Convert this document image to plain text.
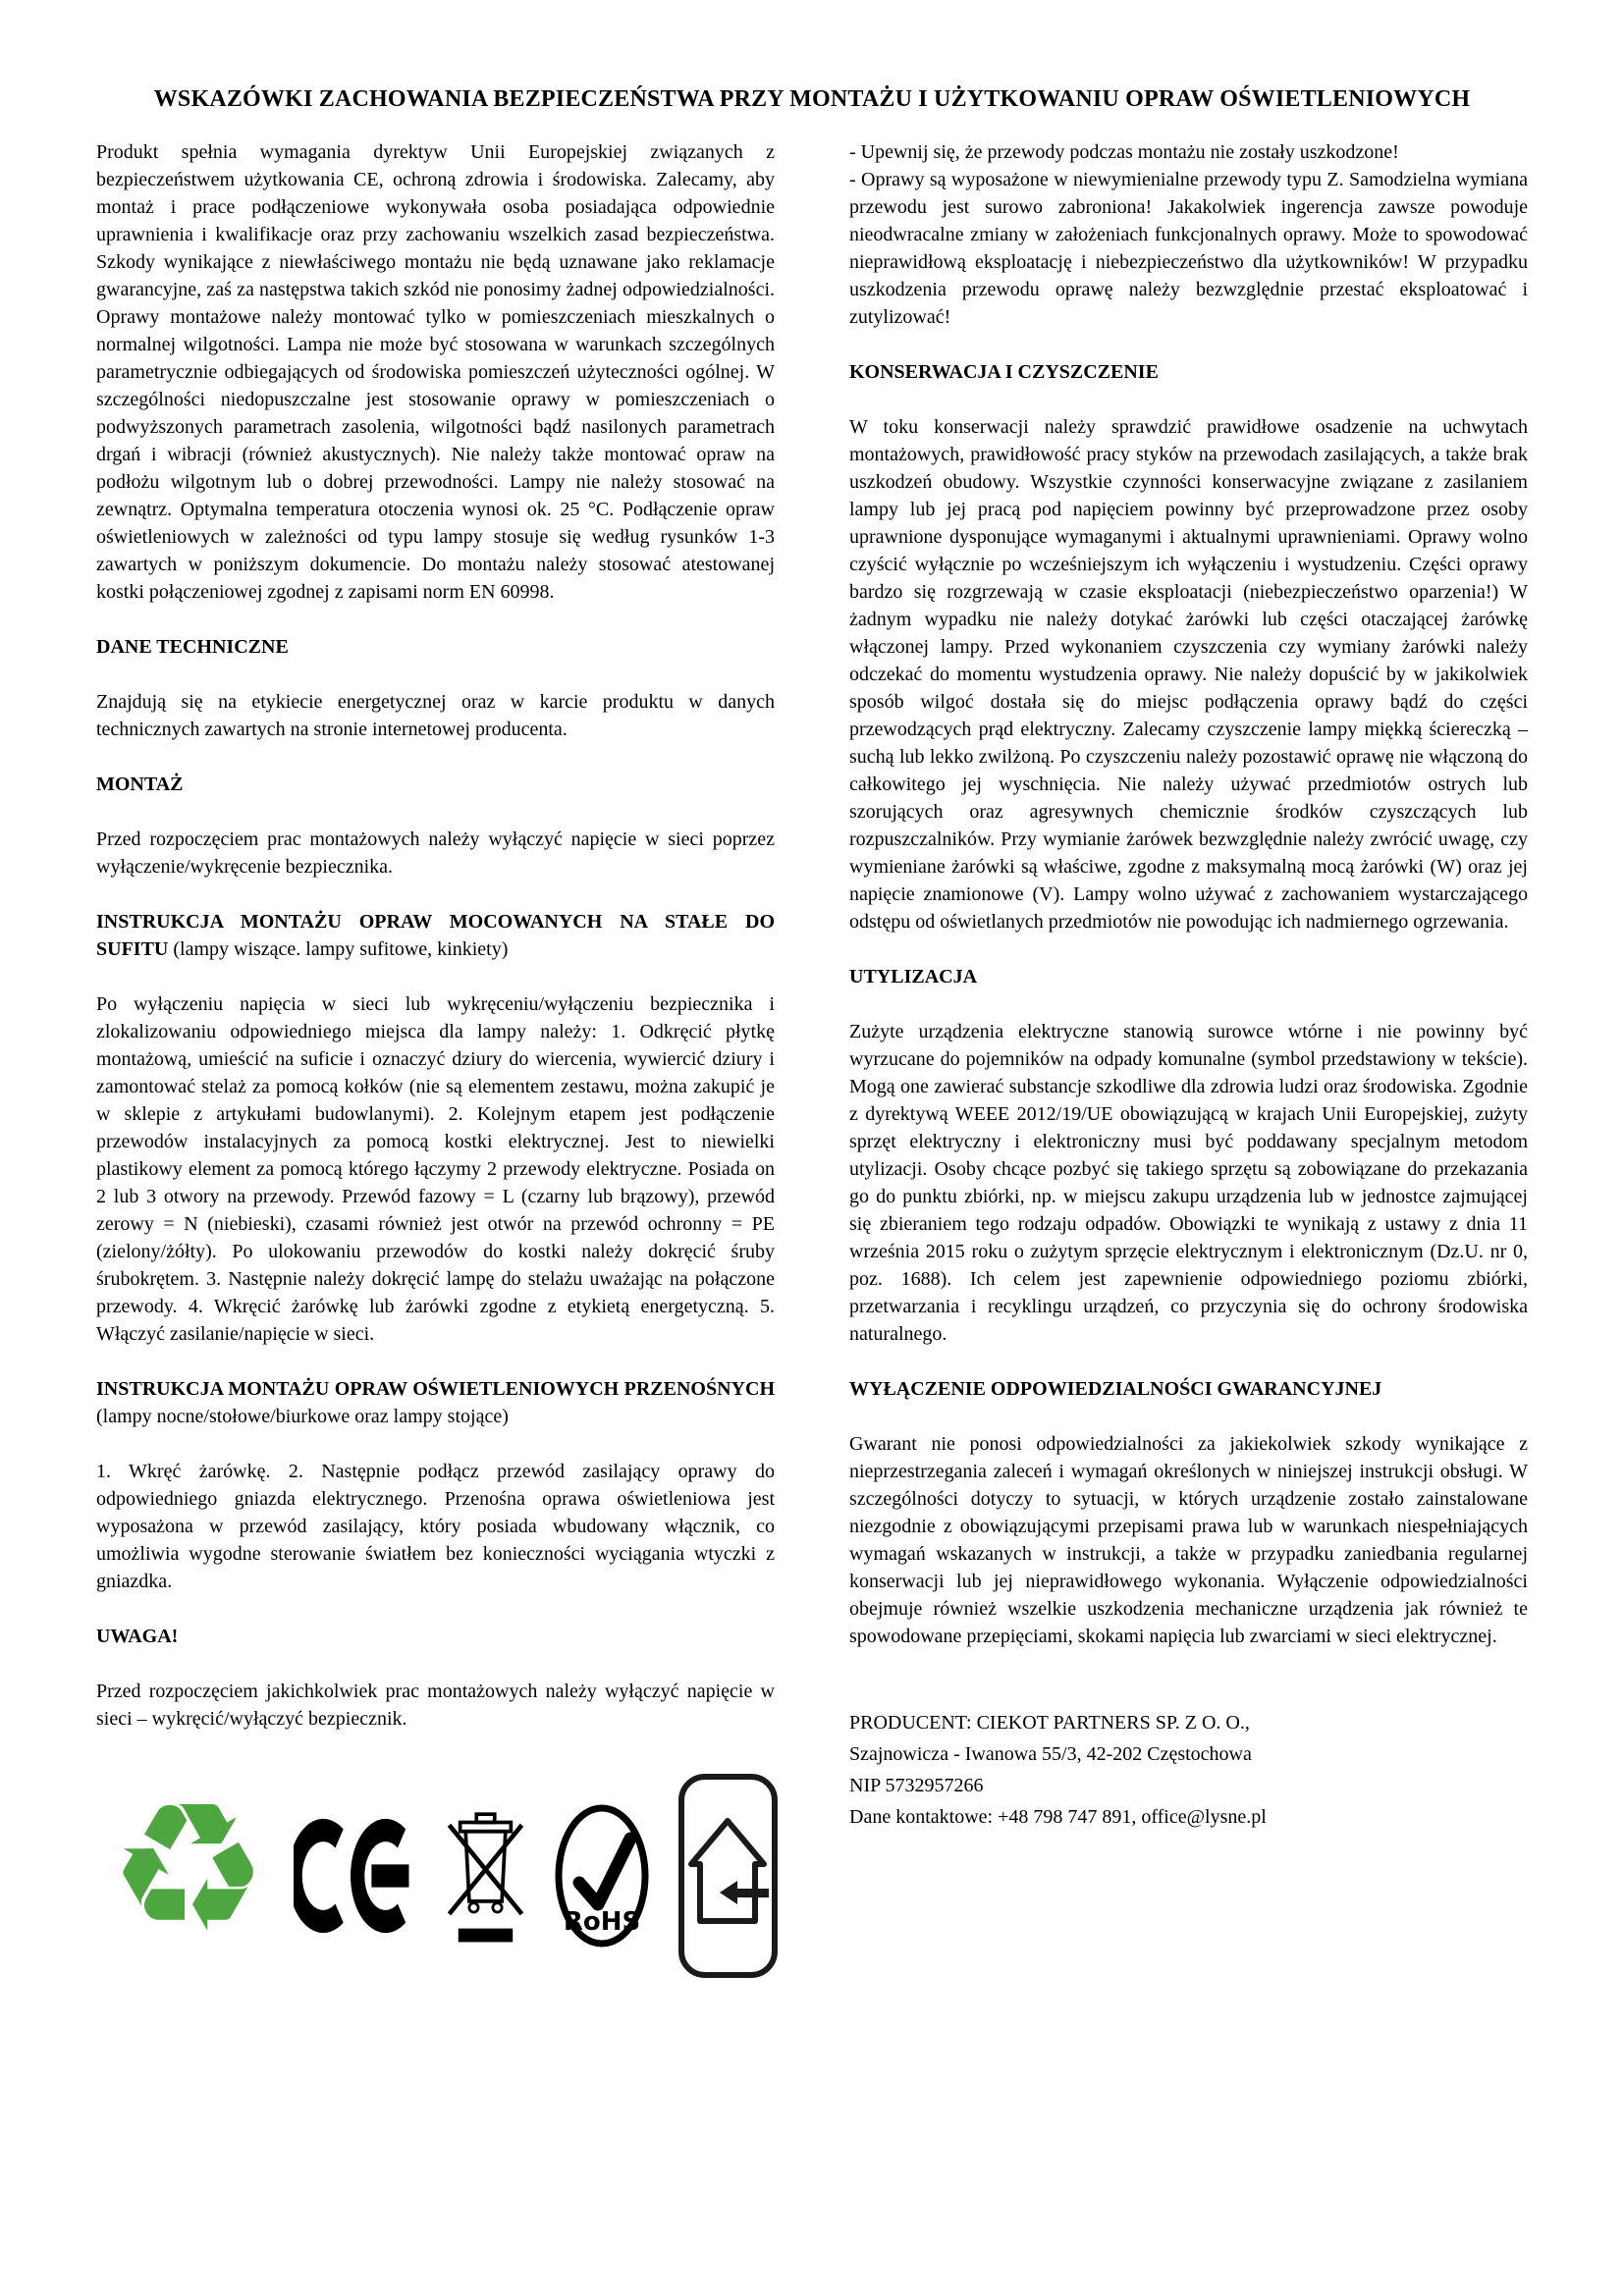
WSKAZÓWKI ZACHOWANIA BEZPIECZEŃSTWA PRZY MONTAŻU I UŻYTKOWANIU OPRAW OŚWIETLENIOWYCH

Produkt spełnia wymagania dyrektyw Unii Europejskiej związanych z bezpieczeństwem użytkowania CE, ochroną zdrowia i środowiska. Zalecamy, aby montaż i prace podłączeniowe wykonywała osoba posiadająca odpowiednie uprawnienia i kwalifikacje oraz przy zachowaniu wszelkich zasad bezpieczeństwa. Szkody wynikające z niewłaściwego montażu nie będą uznawane jako reklamacje gwarancyjne, zaś za następstwa takich szkód nie ponosimy żadnej odpowiedzialności. Oprawy montażowe należy montować tylko w pomieszczeniach mieszkalnych o normalnej wilgotności. Lampa nie może być stosowana w warunkach szczególnych parametrycznie odbiegających od środowiska pomieszczeń użyteczności ogólnej. W szczególności niedopuszczalne jest stosowanie oprawy w pomieszczeniach o podwyższonych parametrach zasolenia, wilgotności bądź nasilonych parametrach drgań i wibracji (również akustycznych). Nie należy także montować opraw na podłożu wilgotnym lub o dobrej przewodności. Lampy nie należy stosować na zewnątrz. Optymalna temperatura otoczenia wynosi ok. 25 °C. Podłączenie opraw oświetleniowych w zależności od typu lampy stosuje się według rysunków 1-3 zawartych w poniższym dokumencie. Do montażu należy stosować atestowanej kostki połączeniowej zgodnej z zapisami norm EN 60998.

DANE TECHNICZNE

Znajdują się na etykiecie energetycznej oraz w karcie produktu w danych technicznych zawartych na stronie internetowej producenta.

MONTAŻ

Przed rozpoczęciem prac montażowych należy wyłączyć napięcie w sieci poprzez wyłączenie/wykręcenie bezpiecznika.

INSTRUKCJA MONTAŻU OPRAW MOCOWANYCH NA STAŁE DO SUFITU (lampy wiszące. lampy sufitowe, kinkiety)

Po wyłączeniu napięcia w sieci lub wykręceniu/wyłączeniu bezpiecznika i zlokalizowaniu odpowiedniego miejsca dla lampy należy: 1. Odkręcić płytkę montażową, umieścić na suficie i oznaczyć dziury do wiercenia, wywiercić dziury i zamontować stelaż za pomocą kołków (nie są elementem zestawu, można zakupić je w sklepie z artykułami budowlanymi). 2. Kolejnym etapem jest podłączenie przewodów instalacyjnych za pomocą kostki elektrycznej. Jest to niewielki plastikowy element za pomocą którego łączymy 2 przewody elektryczne. Posiada on 2 lub 3 otwory na przewody. Przewód fazowy = L (czarny lub brązowy), przewód zerowy = N (niebieski), czasami również jest otwór na przewód ochronny = PE (zielony/żółty). Po ulokowaniu przewodów do kostki należy dokręcić śruby śrubokrętem. 3. Następnie należy dokręcić lampę do stelażu uważając na połączone przewody. 4. Wkręcić żarówkę lub żarówki zgodne z etykietą energetyczną. 5. Włączyć zasilanie/napięcie w sieci.

INSTRUKCJA MONTAŻU OPRAW OŚWIETLENIOWYCH PRZENOŚNYCH (lampy nocne/stołowe/biurkowe oraz lampy stojące)

1. Wkręć żarówkę. 2. Następnie podłącz przewód zasilający oprawy do odpowiedniego gniazda elektrycznego. Przenośna oprawa oświetleniowa jest wyposażona w przewód zasilający, który posiada wbudowany włącznik, co umożliwia wygodne sterowanie światłem bez konieczności wyciągania wtyczki z gniazdka.

UWAGA!

Przed rozpoczęciem jakichkolwiek prac montażowych należy wyłączyć napięcie w sieci – wykręcić/wyłączyć bezpiecznik.

♻	RoHS

- Upewnij się, że przewody podczas montażu nie zostały uszkodzone!
- Oprawy są wyposażone w niewymienialne przewody typu Z. Samodzielna wymiana przewodu jest surowo zabroniona! Jakakolwiek ingerencja zawsze powoduje nieodwracalne zmiany w założeniach funkcjonalnych oprawy. Może to spowodować nieprawidłową eksploatację i niebezpieczeństwo dla użytkowników! W przypadku uszkodzenia przewodu oprawę należy bezwzględnie przestać eksploatować i zutylizować!

KONSERWACJA I CZYSZCZENIE

W toku konserwacji należy sprawdzić prawidłowe osadzenie na uchwytach montażowych, prawidłowość pracy styków na przewodach zasilających, a także brak uszkodzeń obudowy. Wszystkie czynności konserwacyjne związane z zasilaniem lampy lub jej pracą pod napięciem powinny być przeprowadzone przez osoby uprawnione dysponujące wymaganymi i aktualnymi uprawnieniami. Oprawy wolno czyścić wyłącznie po wcześniejszym ich wyłączeniu i wystudzeniu. Części oprawy bardzo się rozgrzewają w czasie eksploatacji (niebezpieczeństwo oparzenia!) W żadnym wypadku nie należy dotykać żarówki lub części otaczającej żarówkę włączonej lampy. Przed wykonaniem czyszczenia czy wymiany żarówki należy odczekać do momentu wystudzenia oprawy. Nie należy dopuścić by w jakikolwiek sposób wilgoć dostała się do miejsc podłączenia oprawy bądź do części przewodzących prąd elektryczny. Zalecamy czyszczenie lampy miękką ściereczką – suchą lub lekko zwilżoną. Po czyszczeniu należy pozostawić oprawę nie włączoną do całkowitego jej wyschnięcia. Nie należy używać przedmiotów ostrych lub szorujących oraz agresywnych chemicznie środków czyszczących lub rozpuszczalników. Przy wymianie żarówek bezwzględnie należy zwrócić uwagę, czy wymieniane żarówki są właściwe, zgodne z maksymalną mocą żarówki (W) oraz jej napięcie znamionowe (V). Lampy wolno używać z zachowaniem wystarczającego odstępu od oświetlanych przedmiotów nie powodując ich nadmiernego ogrzewania.

UTYLIZACJA

Zużyte urządzenia elektryczne stanowią surowce wtórne i nie powinny być wyrzucane do pojemników na odpady komunalne (symbol przedstawiony w tekście). Mogą one zawierać substancje szkodliwe dla zdrowia ludzi oraz środowiska. Zgodnie z dyrektywą WEEE 2012/19/UE obowiązującą w krajach Unii Europejskiej, zużyty sprzęt elektryczny i elektroniczny musi być poddawany specjalnym metodom utylizacji. Osoby chcące pozbyć się takiego sprzętu są zobowiązane do przekazania go do punktu zbiórki, np. w miejscu zakupu urządzenia lub w jednostce zajmującej się zbieraniem tego rodzaju odpadów. Obowiązki te wynikają z ustawy z dnia 11 września 2015 roku o zużytym sprzęcie elektrycznym i elektronicznym (Dz.U. nr 0, poz. 1688). Ich celem jest zapewnienie odpowiedniego poziomu zbiórki, przetwarzania i recyklingu urządzeń, co przyczynia się do ochrony środowiska naturalnego.

WYŁĄCZENIE ODPOWIEDZIALNOŚCI GWARANCYJNEJ

Gwarant nie ponosi odpowiedzialności za jakiekolwiek szkody wynikające z nieprzestrzegania zaleceń i wymagań określonych w niniejszej instrukcji obsługi. W szczególności dotyczy to sytuacji, w których urządzenie zostało zainstalowane niezgodnie z obowiązującymi przepisami prawa lub w warunkach niespełniających wymagań wskazanych w instrukcji, a także w przypadku zaniedbania regularnej konserwacji lub jej nieprawidłowego wykonania. Wyłączenie odpowiedzialności obejmuje również wszelkie uszkodzenia mechaniczne urządzenia jak również te spowodowane przepięciami, skokami napięcia lub zwarciami w sieci elektrycznej.

PRODUCENT: CIEKOT PARTNERS SP. Z O. O.,
Szajnowicza - Iwanowa 55/3, 42-202 Częstochowa
NIP 5732957266
Dane kontaktowe: +48 798 747 891, office@lysne.pl
